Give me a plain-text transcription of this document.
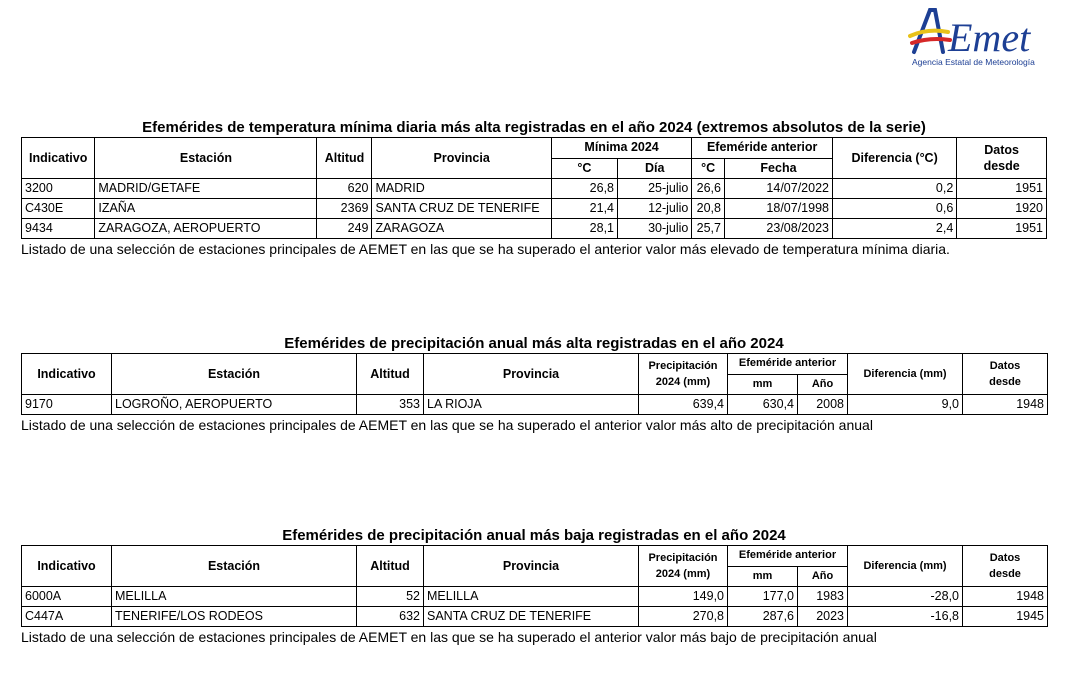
Emet
Agencia Estatal de Meteorología
Efemérides de temperatura mínima diaria más alta registradas en el año 2024 (extremos absolutos de la serie)
Indicativo	Estación	Altitud	Provincia	Mínima 2024		Efeméride anterior		Diferencia (°C)	Datos
desde
				°C	Día	°C	Fecha		
3200	MADRID/GETAFE	620	MADRID	26,8	25-julio	26,6	14/07/2022	0,2	1951
C430E	IZAÑA	2369	SANTA CRUZ DE TENERIFE	21,4	12-julio	20,8	18/07/1998	0,6	1920
9434	ZARAGOZA, AEROPUERTO	249	ZARAGOZA	28,1	30-julio	25,7	23/08/2023	2,4	1951
Listado de una selección de estaciones principales de AEMET en las que se ha superado el anterior valor más elevado de temperatura mínima diaria.
Efemérides de precipitación anual más alta registradas en el año 2024
Indicativo	Estación	Altitud	Provincia	Precipitación
2024 (mm)	Efeméride anterior		Diferencia (mm)	Datos
desde
					mm	Año		
9170	LOGROÑO, AEROPUERTO	353	LA RIOJA	639,4	630,4	2008	9,0	1948
Listado de una selección de estaciones principales de AEMET en las que se ha superado el anterior valor más alto de precipitación anual
Efemérides de precipitación anual más baja registradas en el año 2024
Indicativo	Estación	Altitud	Provincia	Precipitación
2024 (mm)	Efeméride anterior		Diferencia (mm)	Datos
desde
					mm	Año		
6000A	MELILLA	52	MELILLA	149,0	177,0	1983	-28,0	1948
C447A	TENERIFE/LOS RODEOS	632	SANTA CRUZ DE TENERIFE	270,8	287,6	2023	-16,8	1945
Listado de una selección de estaciones principales de AEMET en las que se ha superado el anterior valor más bajo de precipitación anual
